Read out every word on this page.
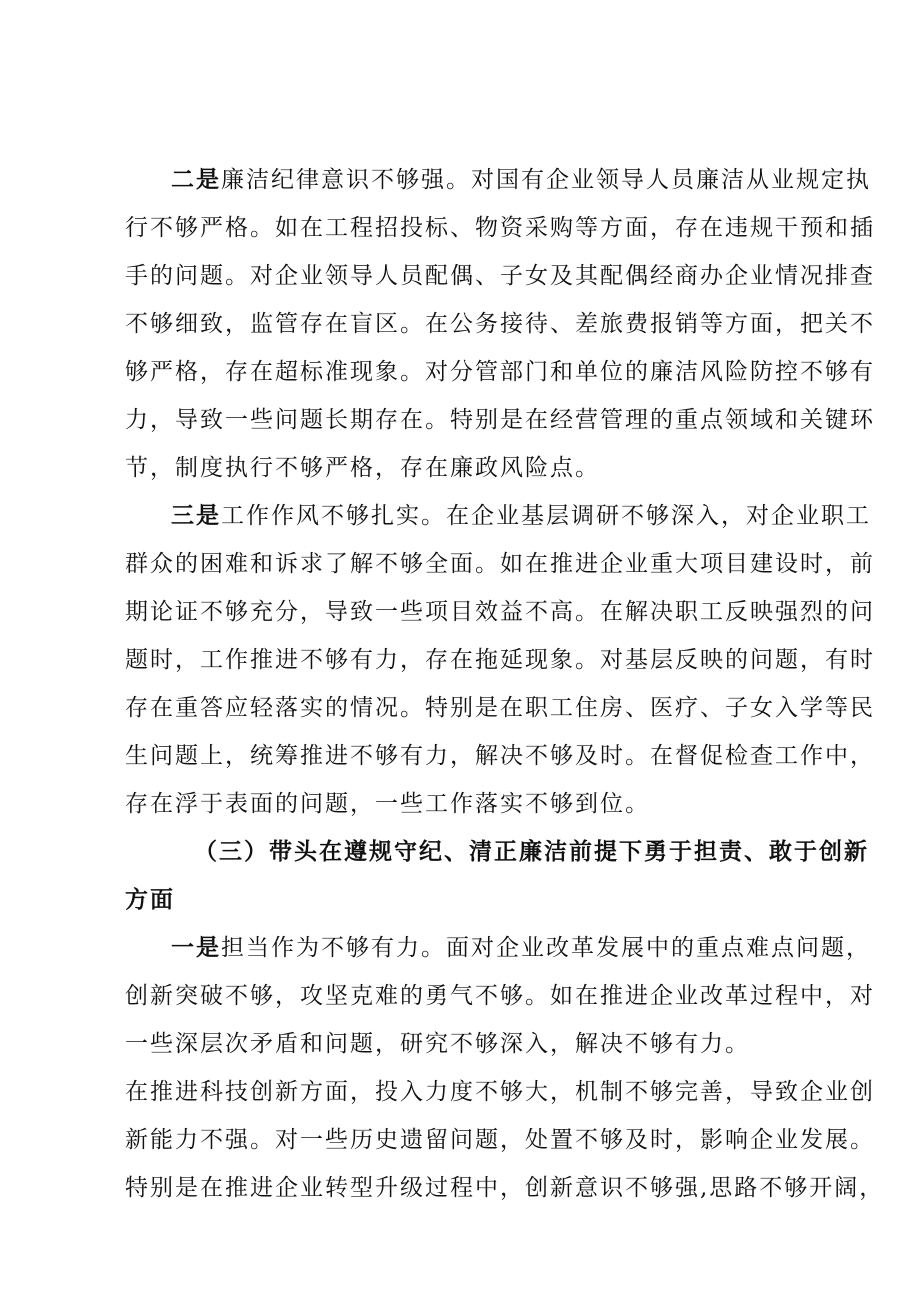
二是廉洁纪律意识不够强。对国有企业领导人员廉洁从业规定执
行不够严格。如在工程招投标、物资采购等方面，存在违规干预和插
手的问题。对企业领导人员配偶、子女及其配偶经商办企业情况排查
不够细致，监管存在盲区。在公务接待、差旅费报销等方面，把关不
够严格，存在超标准现象。对分管部门和单位的廉洁风险防控不够有
力，导致一些问题长期存在。特别是在经营管理的重点领域和关键环
节，制度执行不够严格，存在廉政风险点。
三是工作作风不够扎实。在企业基层调研不够深入，对企业职工
群众的困难和诉求了解不够全面。如在推进企业重大项目建设时，前
期论证不够充分，导致一些项目效益不高。在解决职工反映强烈的问
题时，工作推进不够有力，存在拖延现象。对基层反映的问题，有时
存在重答应轻落实的情况。特别是在职工住房、医疗、子女入学等民
生问题上，统筹推进不够有力，解决不够及时。在督促检查工作中，
存在浮于表面的问题，一些工作落实不够到位。
（三）带头在遵规守纪、清正廉洁前提下勇于担责、敢于创新
方面
一是担当作为不够有力。面对企业改革发展中的重点难点问题，
创新突破不够，攻坚克难的勇气不够。如在推进企业改革过程中，对
一些深层次矛盾和问题，研究不够深入，解决不够有力。
在推进科技创新方面，投入力度不够大，机制不够完善，导致企业创
新能力不强。对一些历史遗留问题，处置不够及时，影响企业发展。
特别是在推进企业转型升级过程中，创新意识不够强,思路不够开阔，
